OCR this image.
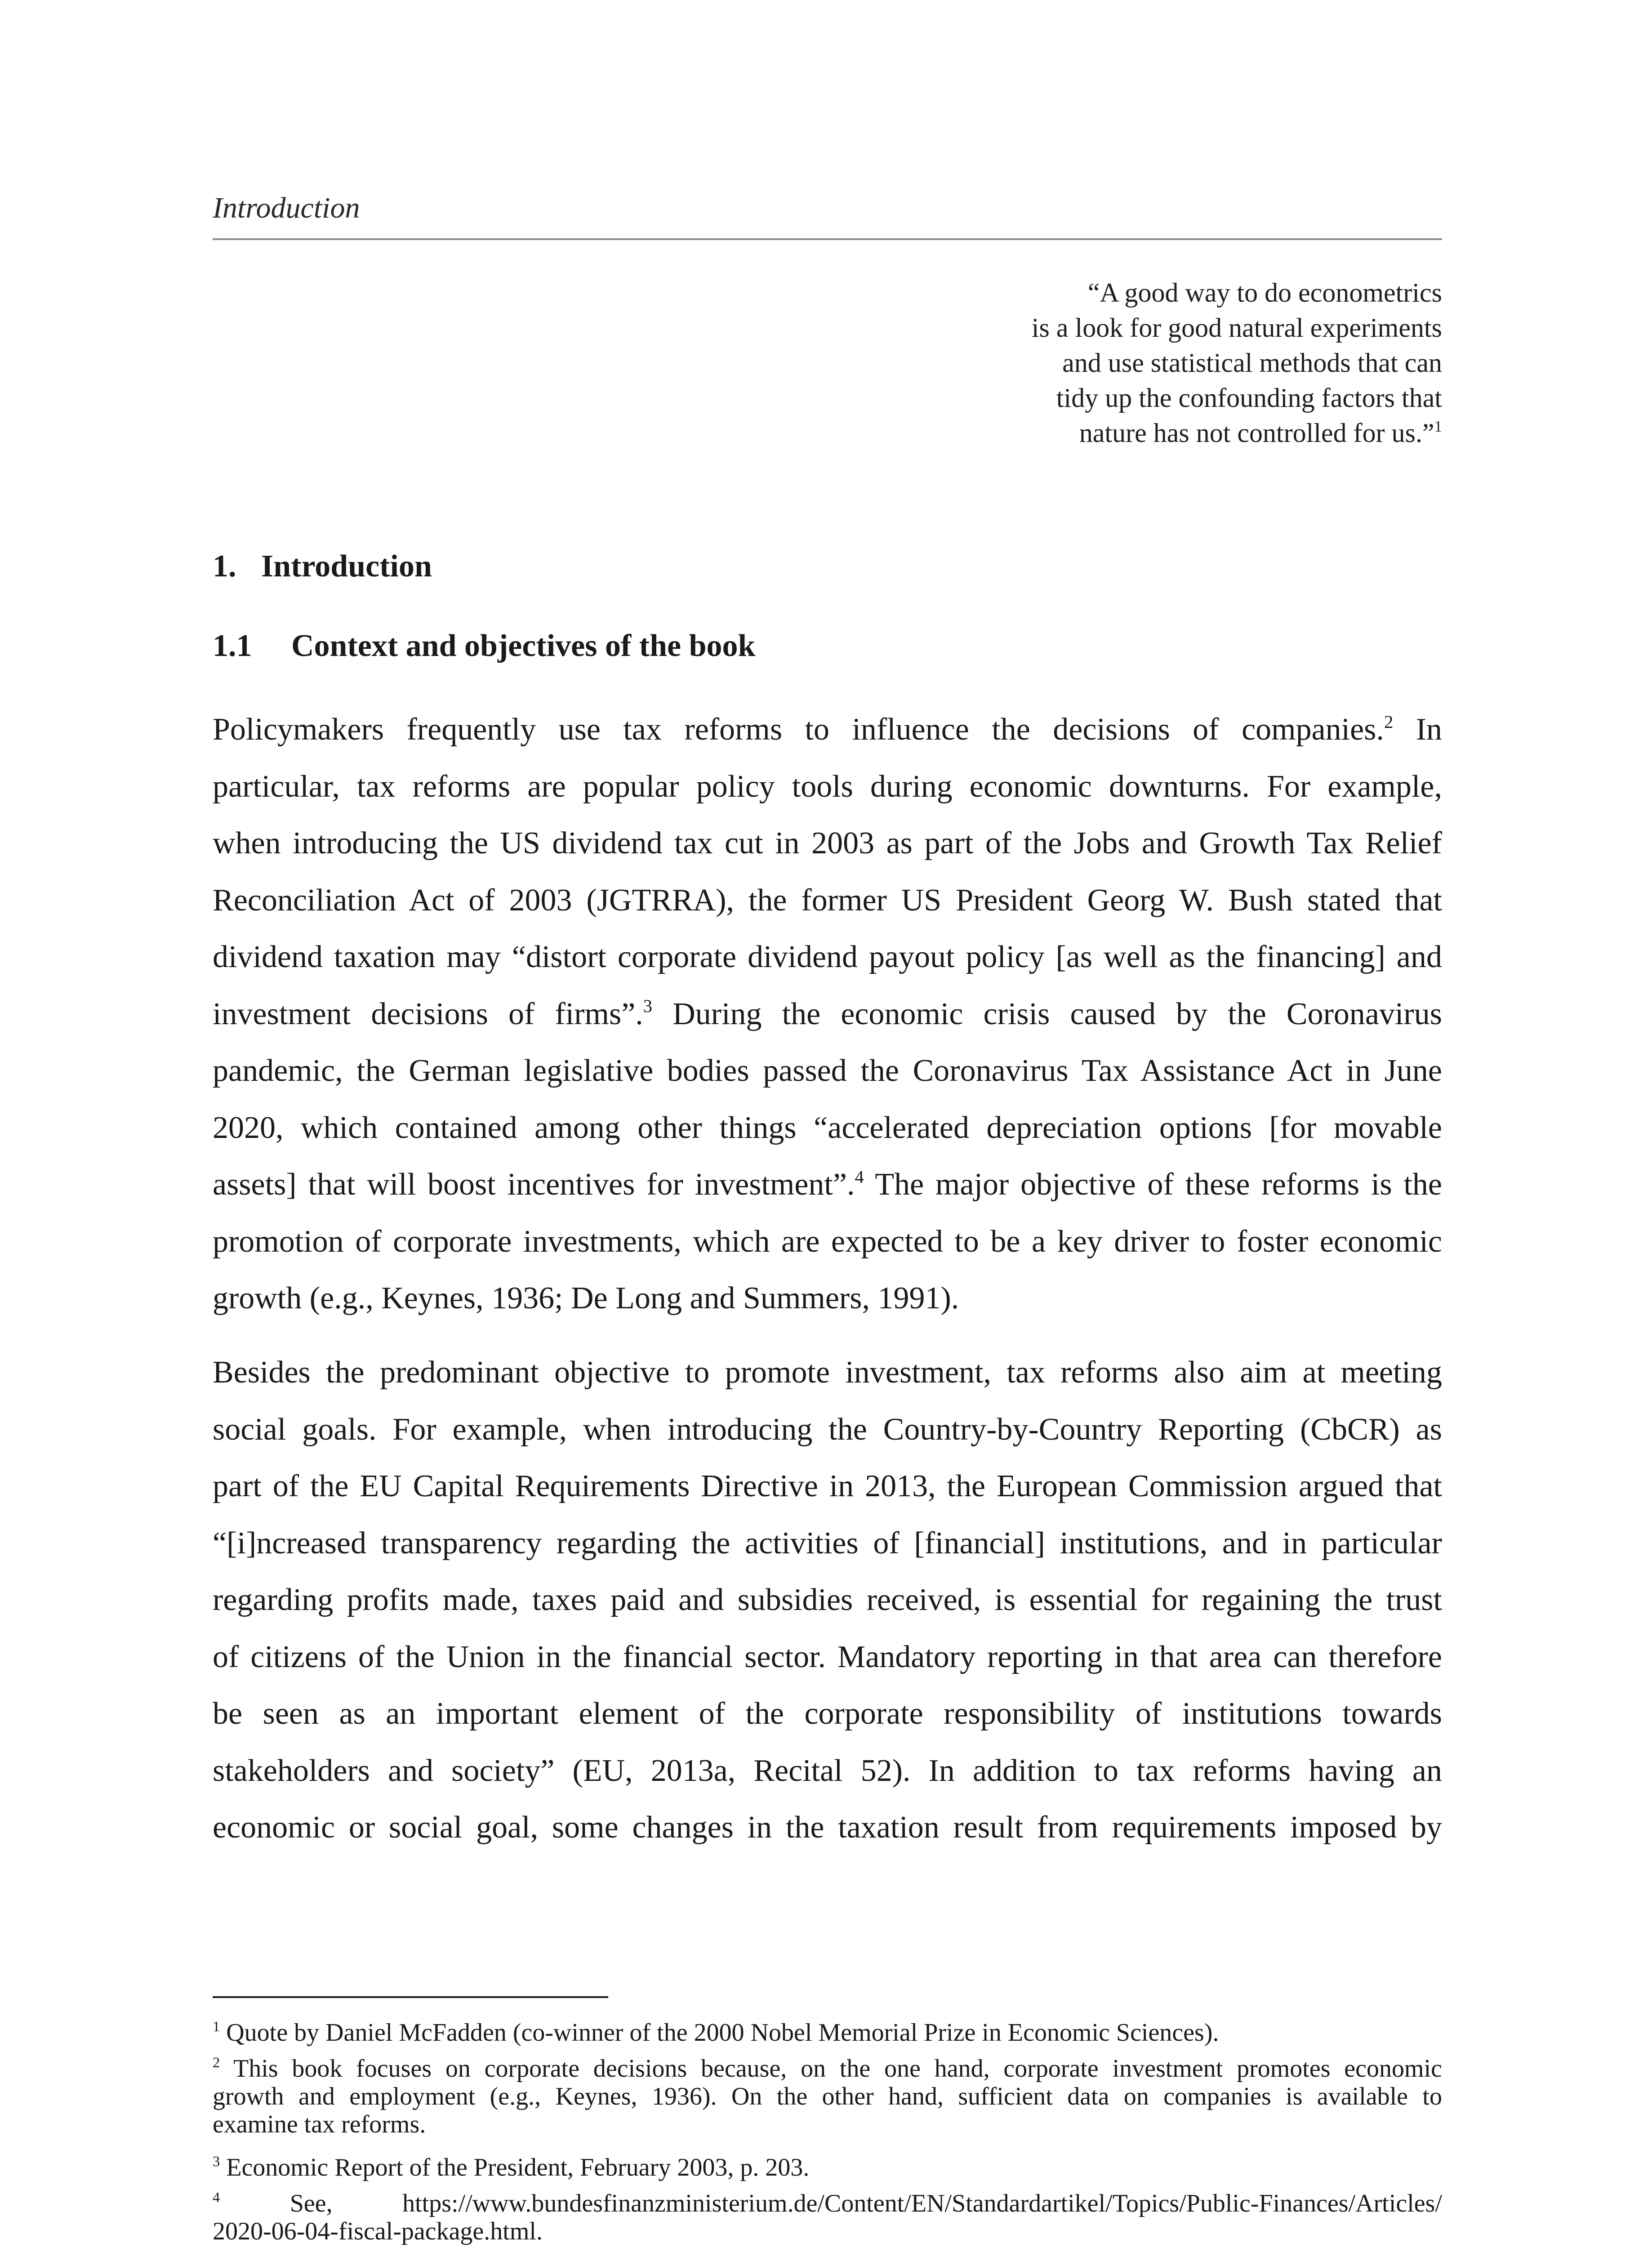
Introduction
“A good way to do econometrics
is a look for good natural experiments
and use statistical methods that can
tidy up the confounding factors that
nature has not controlled for us.”$^1$
1. Introduction
1.1 Context and objectives of the book
Policymakers frequently use tax reforms to influence the decisions of companies.$^2$ In
particular, tax reforms are popular policy tools during economic downturns. For example,
when introducing the US dividend tax cut in 2003 as part of the Jobs and Growth Tax Relief
Reconciliation Act of 2003 (JGTRRA), the former US President Georg W. Bush stated that
dividend taxation may “distort corporate dividend payout policy [as well as the financing] and
investment decisions of firms”.$^3$ During the economic crisis caused by the Coronavirus
pandemic, the German legislative bodies passed the Coronavirus Tax Assistance Act in June
2020, which contained among other things “accelerated depreciation options [for movable
assets] that will boost incentives for investment”.$^4$ The major objective of these reforms is the
promotion of corporate investments, which are expected to be a key driver to foster economic
growth (e.g., Keynes, 1936; De Long and Summers, 1991).
Besides the predominant objective to promote investment, tax reforms also aim at meeting
social goals. For example, when introducing the Country-by-Country Reporting (CbCR) as
part of the EU Capital Requirements Directive in 2013, the European Commission argued that
“[i]ncreased transparency regarding the activities of [financial] institutions, and in particular
regarding profits made, taxes paid and subsidies received, is essential for regaining the trust
of citizens of the Union in the financial sector. Mandatory reporting in that area can therefore
be seen as an important element of the corporate responsibility of institutions towards
stakeholders and society” (EU, 2013a, Recital 52). In addition to tax reforms having an
economic or social goal, some changes in the taxation result from requirements imposed by
$^1$ Quote by Daniel McFadden (co-winner of the 2000 Nobel Memorial Prize in Economic Sciences).
$^2$ This book focuses on corporate decisions because, on the one hand, corporate investment promotes economic
growth and employment (e.g., Keynes, 1936). On the other hand, sufficient data on companies is available to
examine tax reforms.
$^3$ Economic Report of the President, February 2003, p. 203.
$^4$ See, https://www.bundesfinanzministerium.de/Content/EN/Standardartikel/Topics/Public-Finances/Articles/
2020-06-04-fiscal-package.html.
